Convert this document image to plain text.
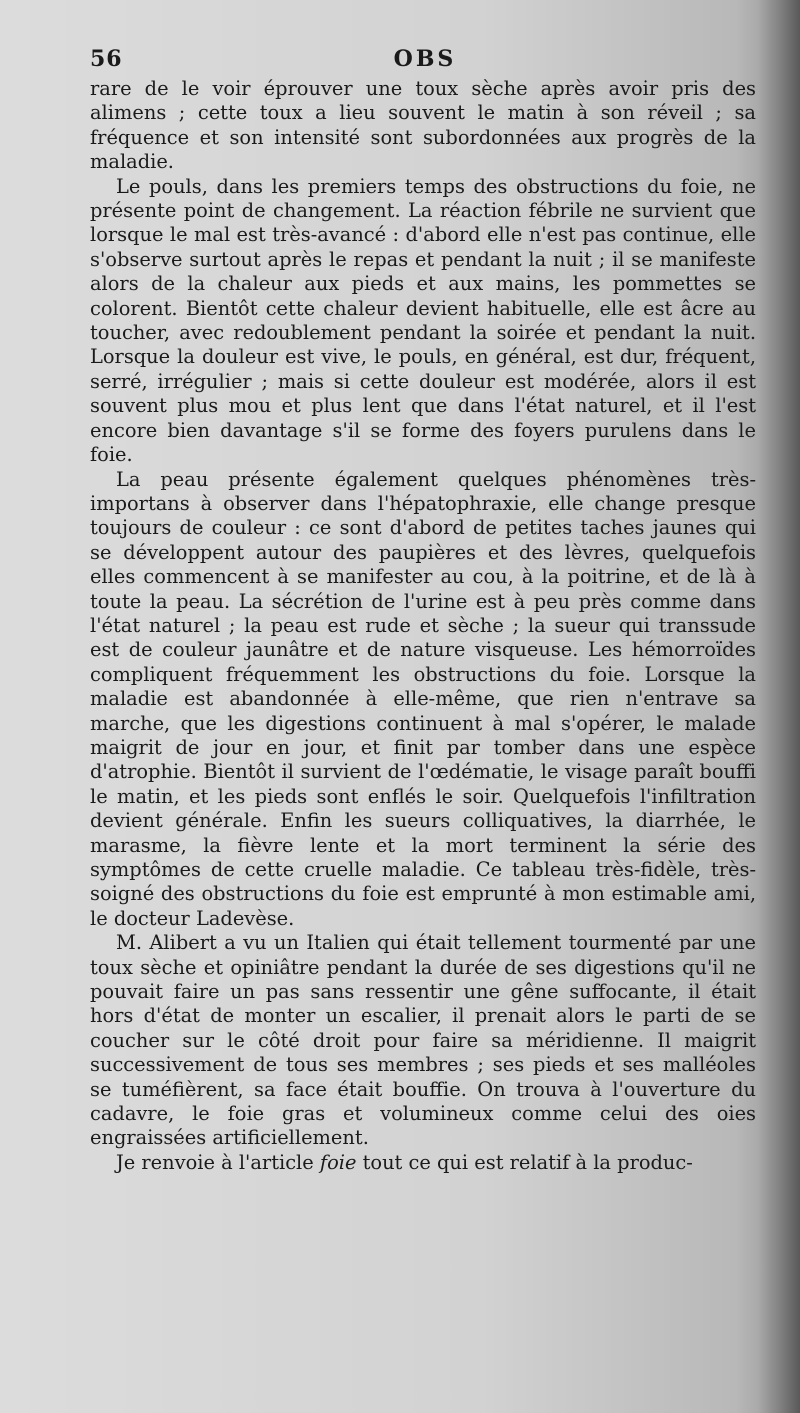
56	OBS

rare de le voir éprouver une toux sèche après avoir pris des alimens ; cette toux a lieu souvent le matin à son réveil ; sa fréquence et son intensité sont subordonnées aux progrès de la maladie.

Le pouls, dans les premiers temps des obstructions du foie, ne présente point de changement. La réaction fébrile ne survient que lorsque le mal est très-avancé : d'abord elle n'est pas continue, elle s'observe surtout après le repas et pendant la nuit ; il se manifeste alors de la chaleur aux pieds et aux mains, les pommettes se colorent. Bientôt cette chaleur devient habituelle, elle est âcre au toucher, avec redoublement pendant la soirée et pendant la nuit. Lorsque la douleur est vive, le pouls, en général, est dur, fréquent, serré, irrégulier ; mais si cette douleur est modérée, alors il est souvent plus mou et plus lent que dans l'état naturel, et il l'est encore bien davantage s'il se forme des foyers purulens dans le foie.

La peau présente également quelques phénomènes très-importans à observer dans l'hépatophraxie, elle change presque toujours de couleur : ce sont d'abord de petites taches jaunes qui se développent autour des paupières et des lèvres, quelquefois elles commencent à se manifester au cou, à la poitrine, et de là à toute la peau. La sécrétion de l'urine est à peu près comme dans l'état naturel ; la peau est rude et sèche ; la sueur qui transsude est de couleur jaunâtre et de nature visqueuse. Les hémorroïdes compliquent fréquemment les obstructions du foie. Lorsque la maladie est abandonnée à elle-même, que rien n'entrave sa marche, que les digestions continuent à mal s'opérer, le malade maigrit de jour en jour, et finit par tomber dans une espèce d'atrophie. Bientôt il survient de l'œdématie, le visage paraît bouffi le matin, et les pieds sont enflés le soir. Quelquefois l'infiltration devient générale. Enfin les sueurs colliquatives, la diarrhée, le marasme, la fièvre lente et la mort terminent la série des symptômes de cette cruelle maladie. Ce tableau très-fidèle, très-soigné des obstructions du foie est emprunté à mon estimable ami, le docteur Ladevèse.

M. Alibert a vu un Italien qui était tellement tourmenté par une toux sèche et opiniâtre pendant la durée de ses digestions qu'il ne pouvait faire un pas sans ressentir une gêne suffocante, il était hors d'état de monter un escalier, il prenait alors le parti de se coucher sur le côté droit pour faire sa méridienne. Il maigrit successivement de tous ses membres ; ses pieds et ses malléoles se tuméfièrent, sa face était bouffie. On trouva à l'ouverture du cadavre, le foie gras et volumineux comme celui des oies engraissées artificiellement.

Je renvoie à l'article foie tout ce qui est relatif à la produc-
